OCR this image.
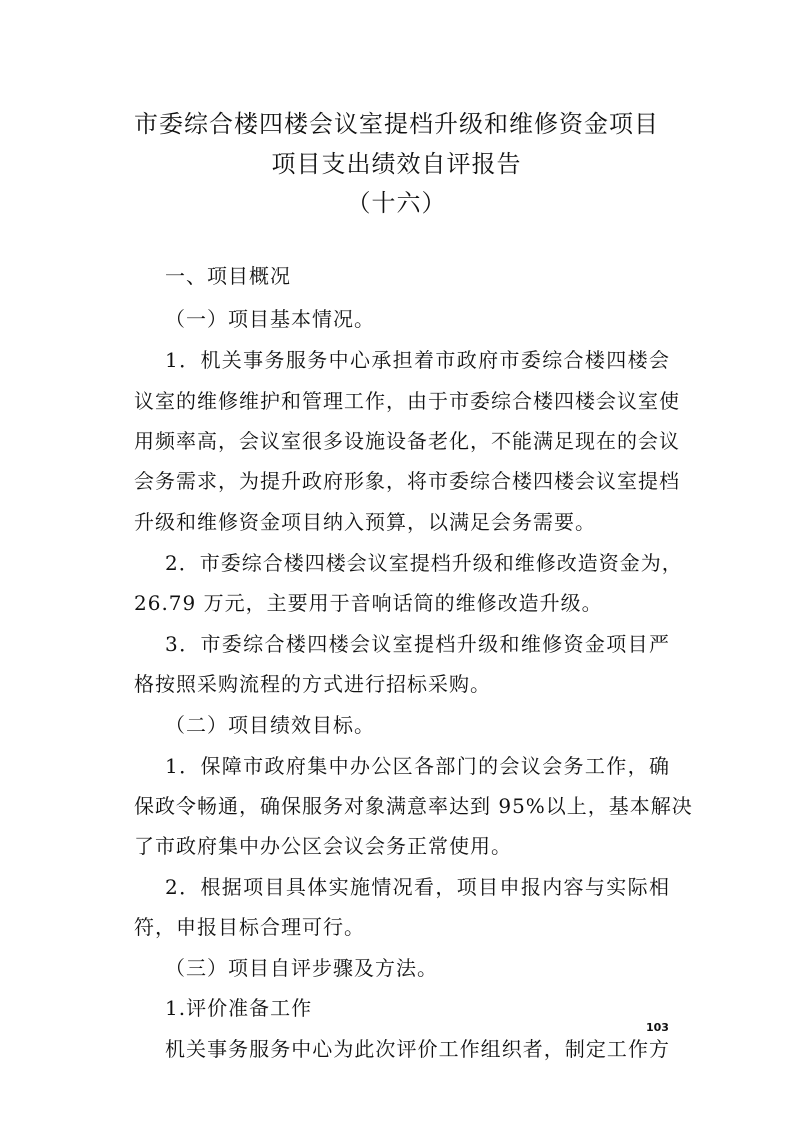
市委综合楼四楼会议室提档升级和维修资金项目
项目支出绩效自评报告
（十六）
一、项目概况
（一）项目基本情况。
1．机关事务服务中心承担着市政府市委综合楼四楼会
议室的维修维护和管理工作，由于市委综合楼四楼会议室使
用频率高，会议室很多设施设备老化，不能满足现在的会议
会务需求，为提升政府形象，将市委综合楼四楼会议室提档
升级和维修资金项目纳入预算，以满足会务需要。
2．市委综合楼四楼会议室提档升级和维修改造资金为，
26.79 万元，主要用于音响话筒的维修改造升级。
3．市委综合楼四楼会议室提档升级和维修资金项目严
格按照采购流程的方式进行招标采购。
（二）项目绩效目标。
1．保障市政府集中办公区各部门的会议会务工作，确
保政令畅通，确保服务对象满意率达到 95%以上，基本解决
了市政府集中办公区会议会务正常使用。
2．根据项目具体实施情况看，项目申报内容与实际相
符，申报目标合理可行。
（三）项目自评步骤及方法。
1.评价准备工作
机关事务服务中心为此次评价工作组织者，制定工作方
103
